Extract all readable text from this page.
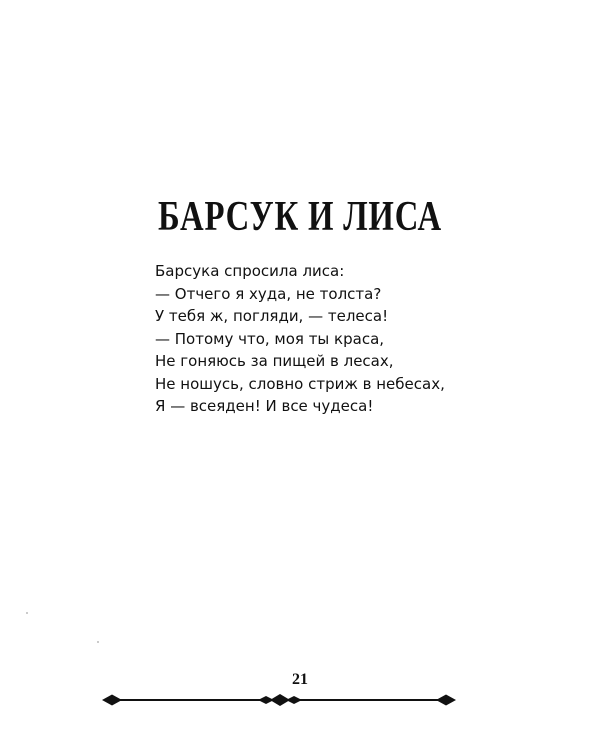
БАРСУК И ЛИСА
Барсука спросила лиса:
— Отчего я худа, не толста?
У тебя ж, погляди, — телеса!
— Потому что, моя ты краса,
Не гоняюсь за пищей в лесах,
Не ношусь, словно стриж в небесах,
Я — всеяден! И все чудеса!
21
